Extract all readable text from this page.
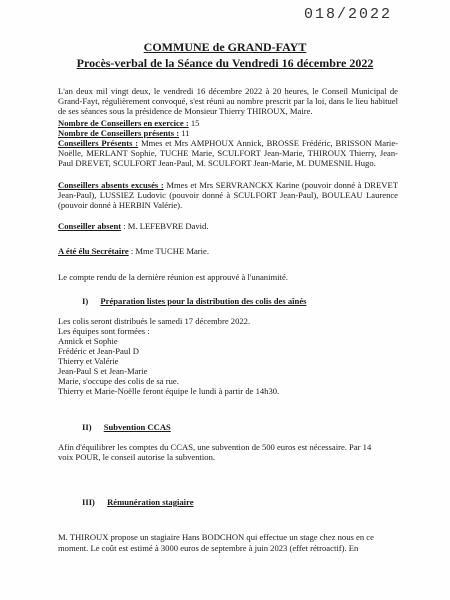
018/2022
COMMUNE de GRAND-FAYT
Procès-verbal de la Séance du Vendredi 16 décembre 2022
L'an deux mil vingt deux, le vendredi 16 décembre 2022 à 20 heures, le Conseil Municipal de Grand-Fayt, régulièrement convoqué, s'est réuni au nombre prescrit par la loi, dans le lieu habituel de ses séances sous la présidence de Monsieur Thierry THIROUX, Maire.
Nombre de Conseillers en exercice : 15
Nombre de Conseillers présents : 11
Conseillers Présents : Mmes et Mrs AMPHOUX Annick, BROSSE Frédéric, BRISSON Marie-Noëlle, MERLANT Sophie, TUCHE Marie, SCULFORT Jean-Marie, THIROUX Thierry, Jean-Paul DREVET, SCULFORT Jean-Paul, M. SCULFORT Jean-Marie, M. DUMESNIL Hugo.
Conseillers absents excusés : Mmes et Mrs SERVRANCKX Karine (pouvoir donné à DREVET Jean-Paul), LUSSIEZ Ludovic (pouvoir donné à SCULFORT Jean-Paul), BOULEAU Laurence (pouvoir donné à HERBIN Valérie).
Conseiller absent : M. LEFEBVRE David.
A été élu Secrétaire : Mme TUCHE Marie.
Le compte rendu de la dernière réunion est approuvé à l'unanimité.
I) Préparation listes pour la distribution des colis des aînés
Les colis seront distribués le samedi 17 décembre 2022.
Les équipes sont formées :
Annick et Sophie
Frédéric et Jean-Paul D
Thierry et Valérie
Jean-Paul S et Jean-Marie
Marie, s'occupe des colis de sa rue.
Thierry et Marie-Noëlle feront équipe le lundi à partir de 14h30.
II) Subvention CCAS
Afin d'équilibrer les comptes du CCAS, une subvention de 500 euros est nécessaire. Par 14
voix POUR, le conseil autorise la subvention.
III) Rémunération stagiaire
M. THIROUX propose un stagiaire Hans BODCHON qui effectue un stage chez nous en ce
moment. Le coût est estimé à 3000 euros de septembre à juin 2023 (effet rétroactif). En
